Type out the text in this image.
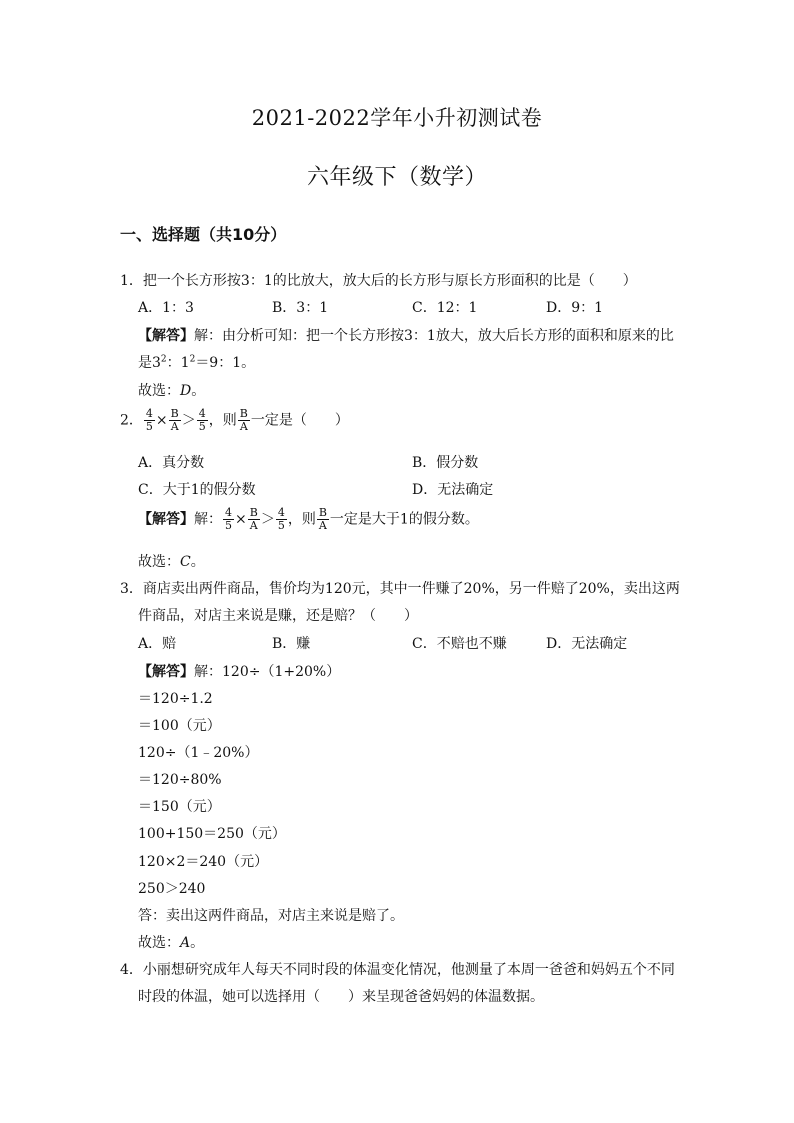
2021-2022学年小升初测试卷
六年级下（数学）
一、选择题（共10分）
1．把一个长方形按3：1的比放大，放大后的长方形与原长方形面积的比是（　　）
A．1：3	B．3：1	C．12：1	D．9：1
【解答】解：由分析可知：把一个长方形按3：1放大，放大后长方形的面积和原来的比
是$3^2$：$1^2=9$：1。
故选：D。
2． $\frac{4}{5} \times \frac{B}{A} > \frac{4}{5}$ ，则 $\frac{B}{A}$ 一定是（　　）
A．真分数	B．假分数
C．大于1的假分数	D．无法确定
【解答】解： $\frac{4}{5} \times \frac{B}{A} > \frac{4}{5}$ ，则 $\frac{B}{A}$ 一定是大于1的假分数。
故选：C。
3．商店卖出两件商品，售价均为120元，其中一件赚了20%，另一件赔了20%，卖出这两
件商品，对店主来说是赚，还是赔？（　　）
A．赔	B．赚	C．不赔也不赚	D．无法确定
【解答】解：120÷（1+20%）
＝120÷1.2
＝100（元）
120÷（1﹣20%）
＝120÷80%
＝150（元）
100+150＝250（元）
120×2＝240（元）
250＞240
答：卖出这两件商品，对店主来说是赔了。
故选：A。
4．小丽想研究成年人每天不同时段的体温变化情况，他测量了本周一爸爸和妈妈五个不同
时段的体温，她可以选择用（　　）来呈现爸爸妈妈的体温数据。
